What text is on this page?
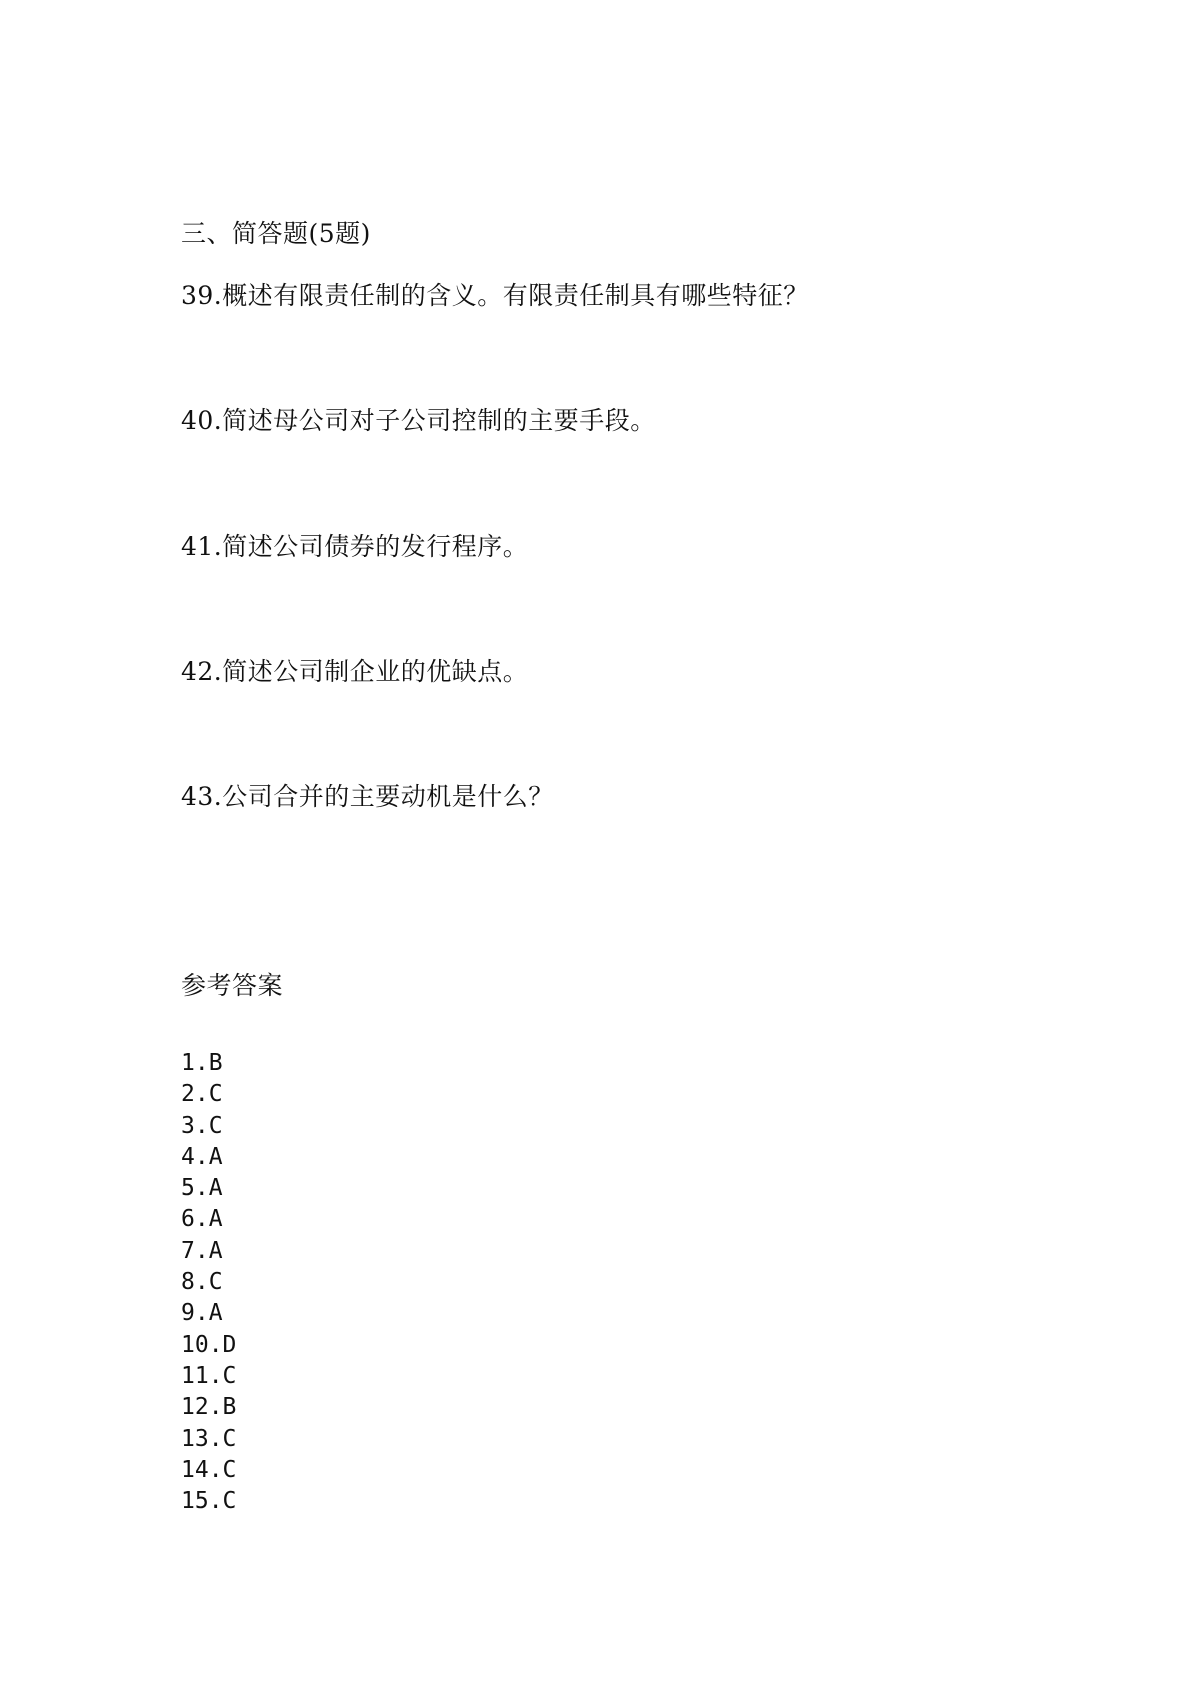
三、简答题(5题)
39.概述有限责任制的含义。有限责任制具有哪些特征？
40.简述母公司对子公司控制的主要手段。
41.简述公司债券的发行程序。
42.简述公司制企业的优缺点。
43.公司合并的主要动机是什么？
参考答案
1.B
2.C
3.C
4.A
5.A
6.A
7.A
8.C
9.A
10.D
11.C
12.B
13.C
14.C
15.C
